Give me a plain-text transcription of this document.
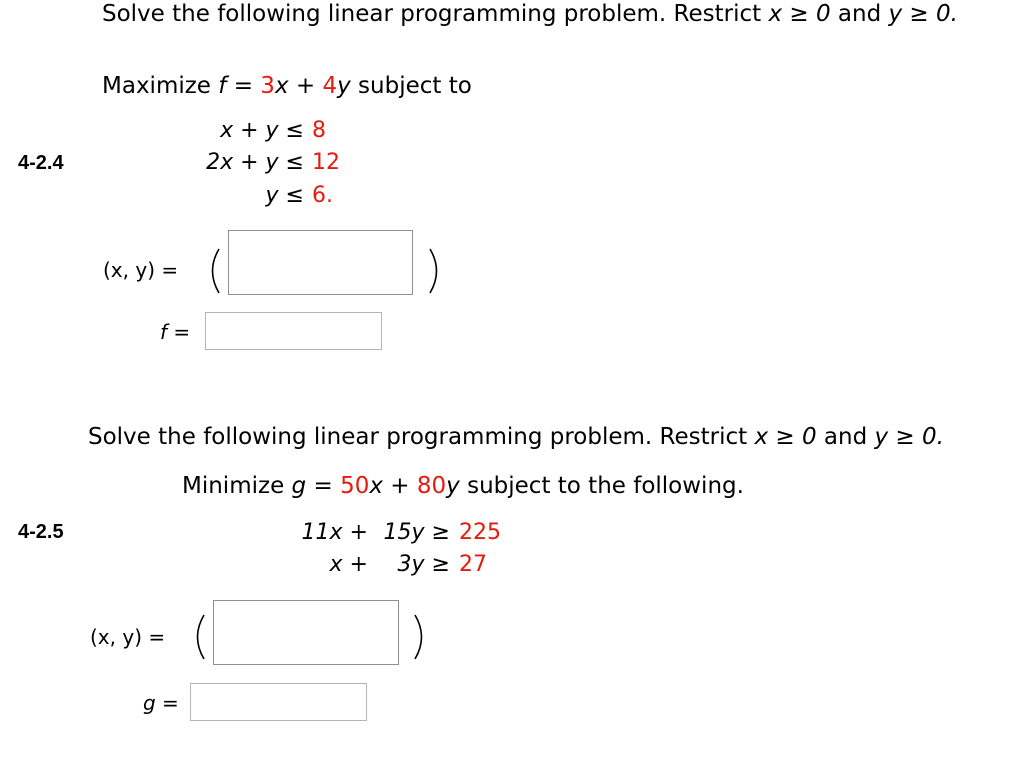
4-2.4
Solve the following linear programming problem. Restrict x ≥ 0 and y ≥ 0.
Maximize f = 3x + 4y subject to
x + y ≤ 8
2x + y ≤ 12
y ≤ 6.
(x, y) =
f =
4-2.5
Solve the following linear programming problem. Restrict x ≥ 0 and y ≥ 0.
Minimize g = 50x + 80y subject to the following.
11x + 15y ≥ 225
x +	3y ≥ 27
(x, y) =
g =
